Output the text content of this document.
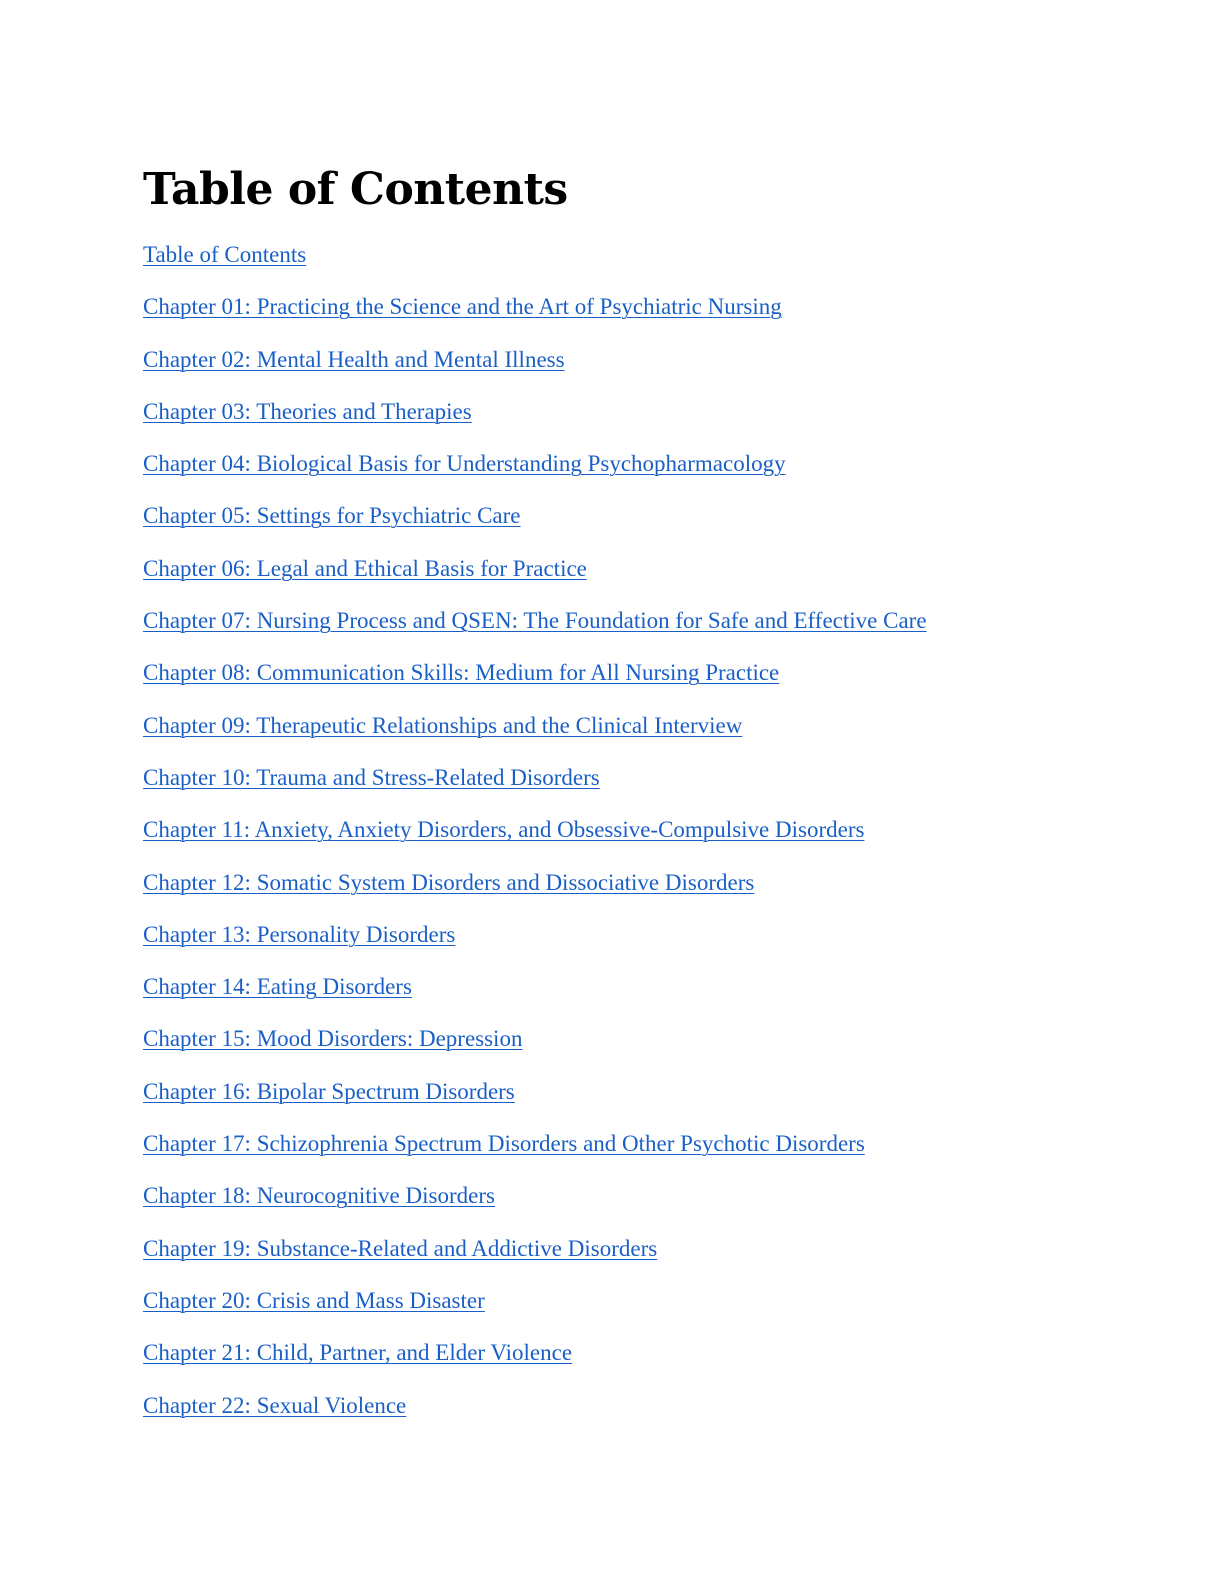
Table of Contents
Table of Contents
Chapter 01: Practicing the Science and the Art of Psychiatric Nursing
Chapter 02: Mental Health and Mental Illness
Chapter 03: Theories and Therapies
Chapter 04: Biological Basis for Understanding Psychopharmacology
Chapter 05: Settings for Psychiatric Care
Chapter 06: Legal and Ethical Basis for Practice
Chapter 07: Nursing Process and QSEN: The Foundation for Safe and Effective Care
Chapter 08: Communication Skills: Medium for All Nursing Practice
Chapter 09: Therapeutic Relationships and the Clinical Interview
Chapter 10: Trauma and Stress-Related Disorders
Chapter 11: Anxiety, Anxiety Disorders, and Obsessive-Compulsive Disorders
Chapter 12: Somatic System Disorders and Dissociative Disorders
Chapter 13: Personality Disorders
Chapter 14: Eating Disorders
Chapter 15: Mood Disorders: Depression
Chapter 16: Bipolar Spectrum Disorders
Chapter 17: Schizophrenia Spectrum Disorders and Other Psychotic Disorders
Chapter 18: Neurocognitive Disorders
Chapter 19: Substance-Related and Addictive Disorders
Chapter 20: Crisis and Mass Disaster
Chapter 21: Child, Partner, and Elder Violence
Chapter 22: Sexual Violence
